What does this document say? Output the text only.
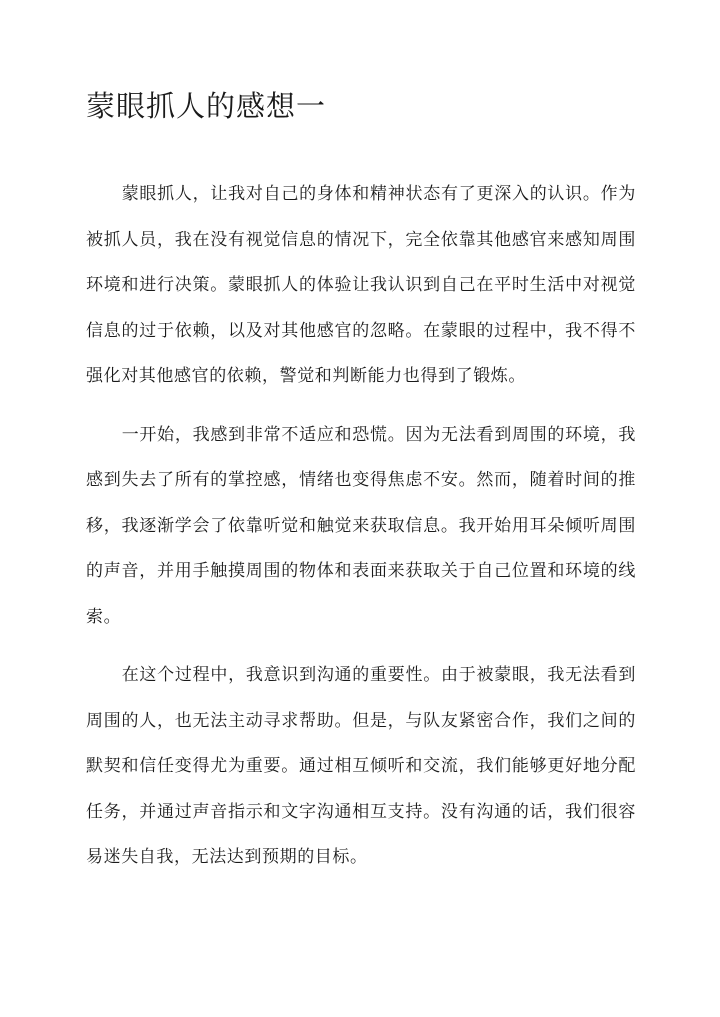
蒙眼抓人的感想一

蒙眼抓人，让我对自己的身体和精神状态有了更深入的认识。作为被抓人员，我在没有视觉信息的情况下，完全依靠其他感官来感知周围环境和进行决策。蒙眼抓人的体验让我认识到自己在平时生活中对视觉信息的过于依赖，以及对其他感官的忽略。在蒙眼的过程中，我不得不强化对其他感官的依赖，警觉和判断能力也得到了锻炼。

一开始，我感到非常不适应和恐慌。因为无法看到周围的环境，我感到失去了所有的掌控感，情绪也变得焦虑不安。然而，随着时间的推移，我逐渐学会了依靠听觉和触觉来获取信息。我开始用耳朵倾听周围的声音，并用手触摸周围的物体和表面来获取关于自己位置和环境的线索。

在这个过程中，我意识到沟通的重要性。由于被蒙眼，我无法看到周围的人，也无法主动寻求帮助。但是，与队友紧密合作，我们之间的默契和信任变得尤为重要。通过相互倾听和交流，我们能够更好地分配任务，并通过声音指示和文字沟通相互支持。没有沟通的话，我们很容易迷失自我，无法达到预期的目标。
